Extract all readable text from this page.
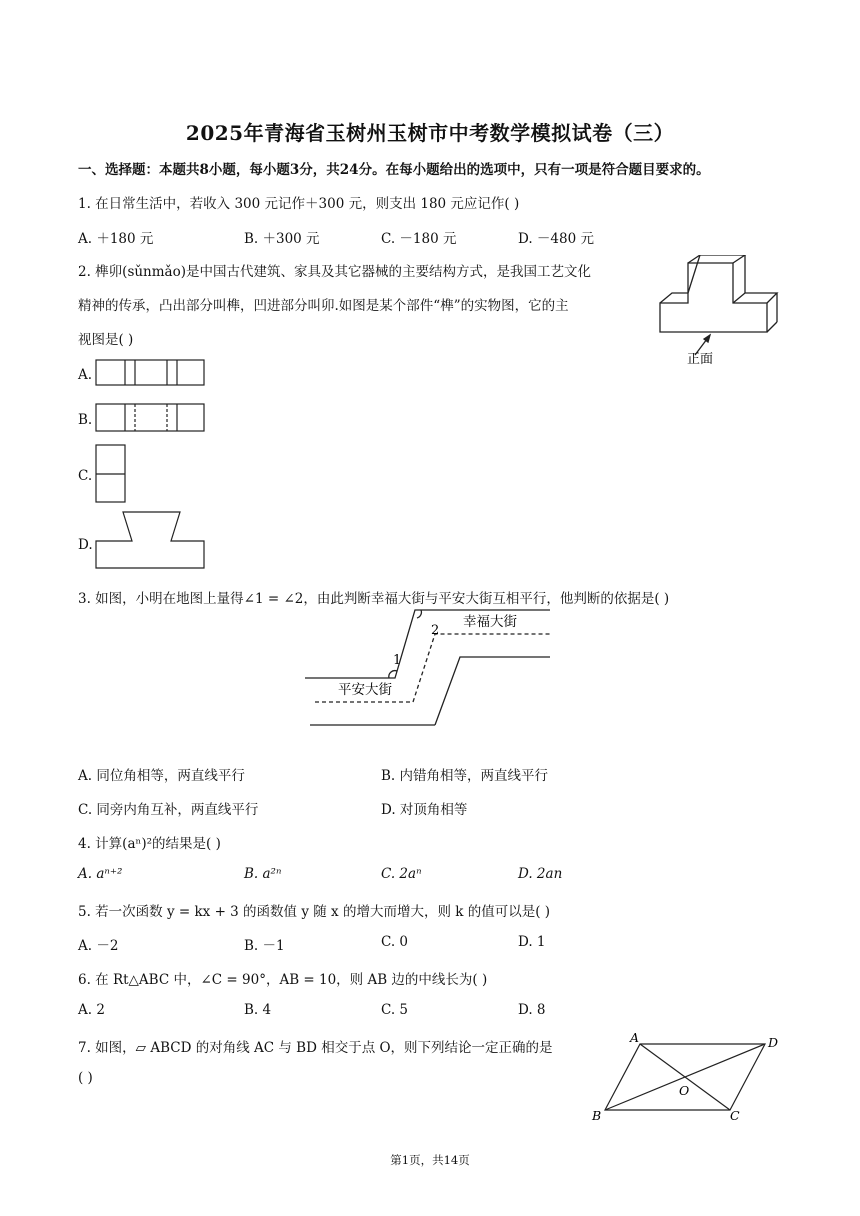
2025年青海省玉树州玉树市中考数学模拟试卷（三）
一、选择题：本题共8小题，每小题3分，共24分。在每小题给出的选项中，只有一项是符合题目要求的。
1. 在日常生活中，若收入 300 元记作＋300 元，则支出 180 元应记作( )
A. ＋180 元	B. ＋300 元	C. －180 元	D. －480 元
2. 榫卯(sǔnmǎo)是中国古代建筑、家具及其它器械的主要结构方式，是我国工艺文化
精神的传承，凸出部分叫榫，凹进部分叫卯.如图是某个部件“榫”的实物图，它的主
视图是( )
正面
A.
B.
C.
D.
3. 如图，小明在地图上量得∠1 = ∠2，由此判断幸福大街与平安大街互相平行，他判断的依据是( )
1
2
幸福大街
平安大街
A. 同位角相等，两直线平行	B. 内错角相等，两直线平行
C. 同旁内角互补，两直线平行	D. 对顶角相等
4. 计算(aⁿ)²的结果是( )
A. aⁿ⁺²	B. a²ⁿ	C. 2aⁿ	D. 2an
5. 若一次函数 y = kx + 3 的函数值 y 随 x 的增大而增大，则 k 的值可以是( )
A. －2	B. －1	C. 0	D. 1
6. 在 Rt△ABC 中，∠C = 90°，AB = 10，则 AB 边的中线长为( )
A. 2	B. 4	C. 5	D. 8
7. 如图，▱ ABCD 的对角线 AC 与 BD 相交于点 O，则下列结论一定正确的是
( )
A	D
O
B	C
第1页，共14页
